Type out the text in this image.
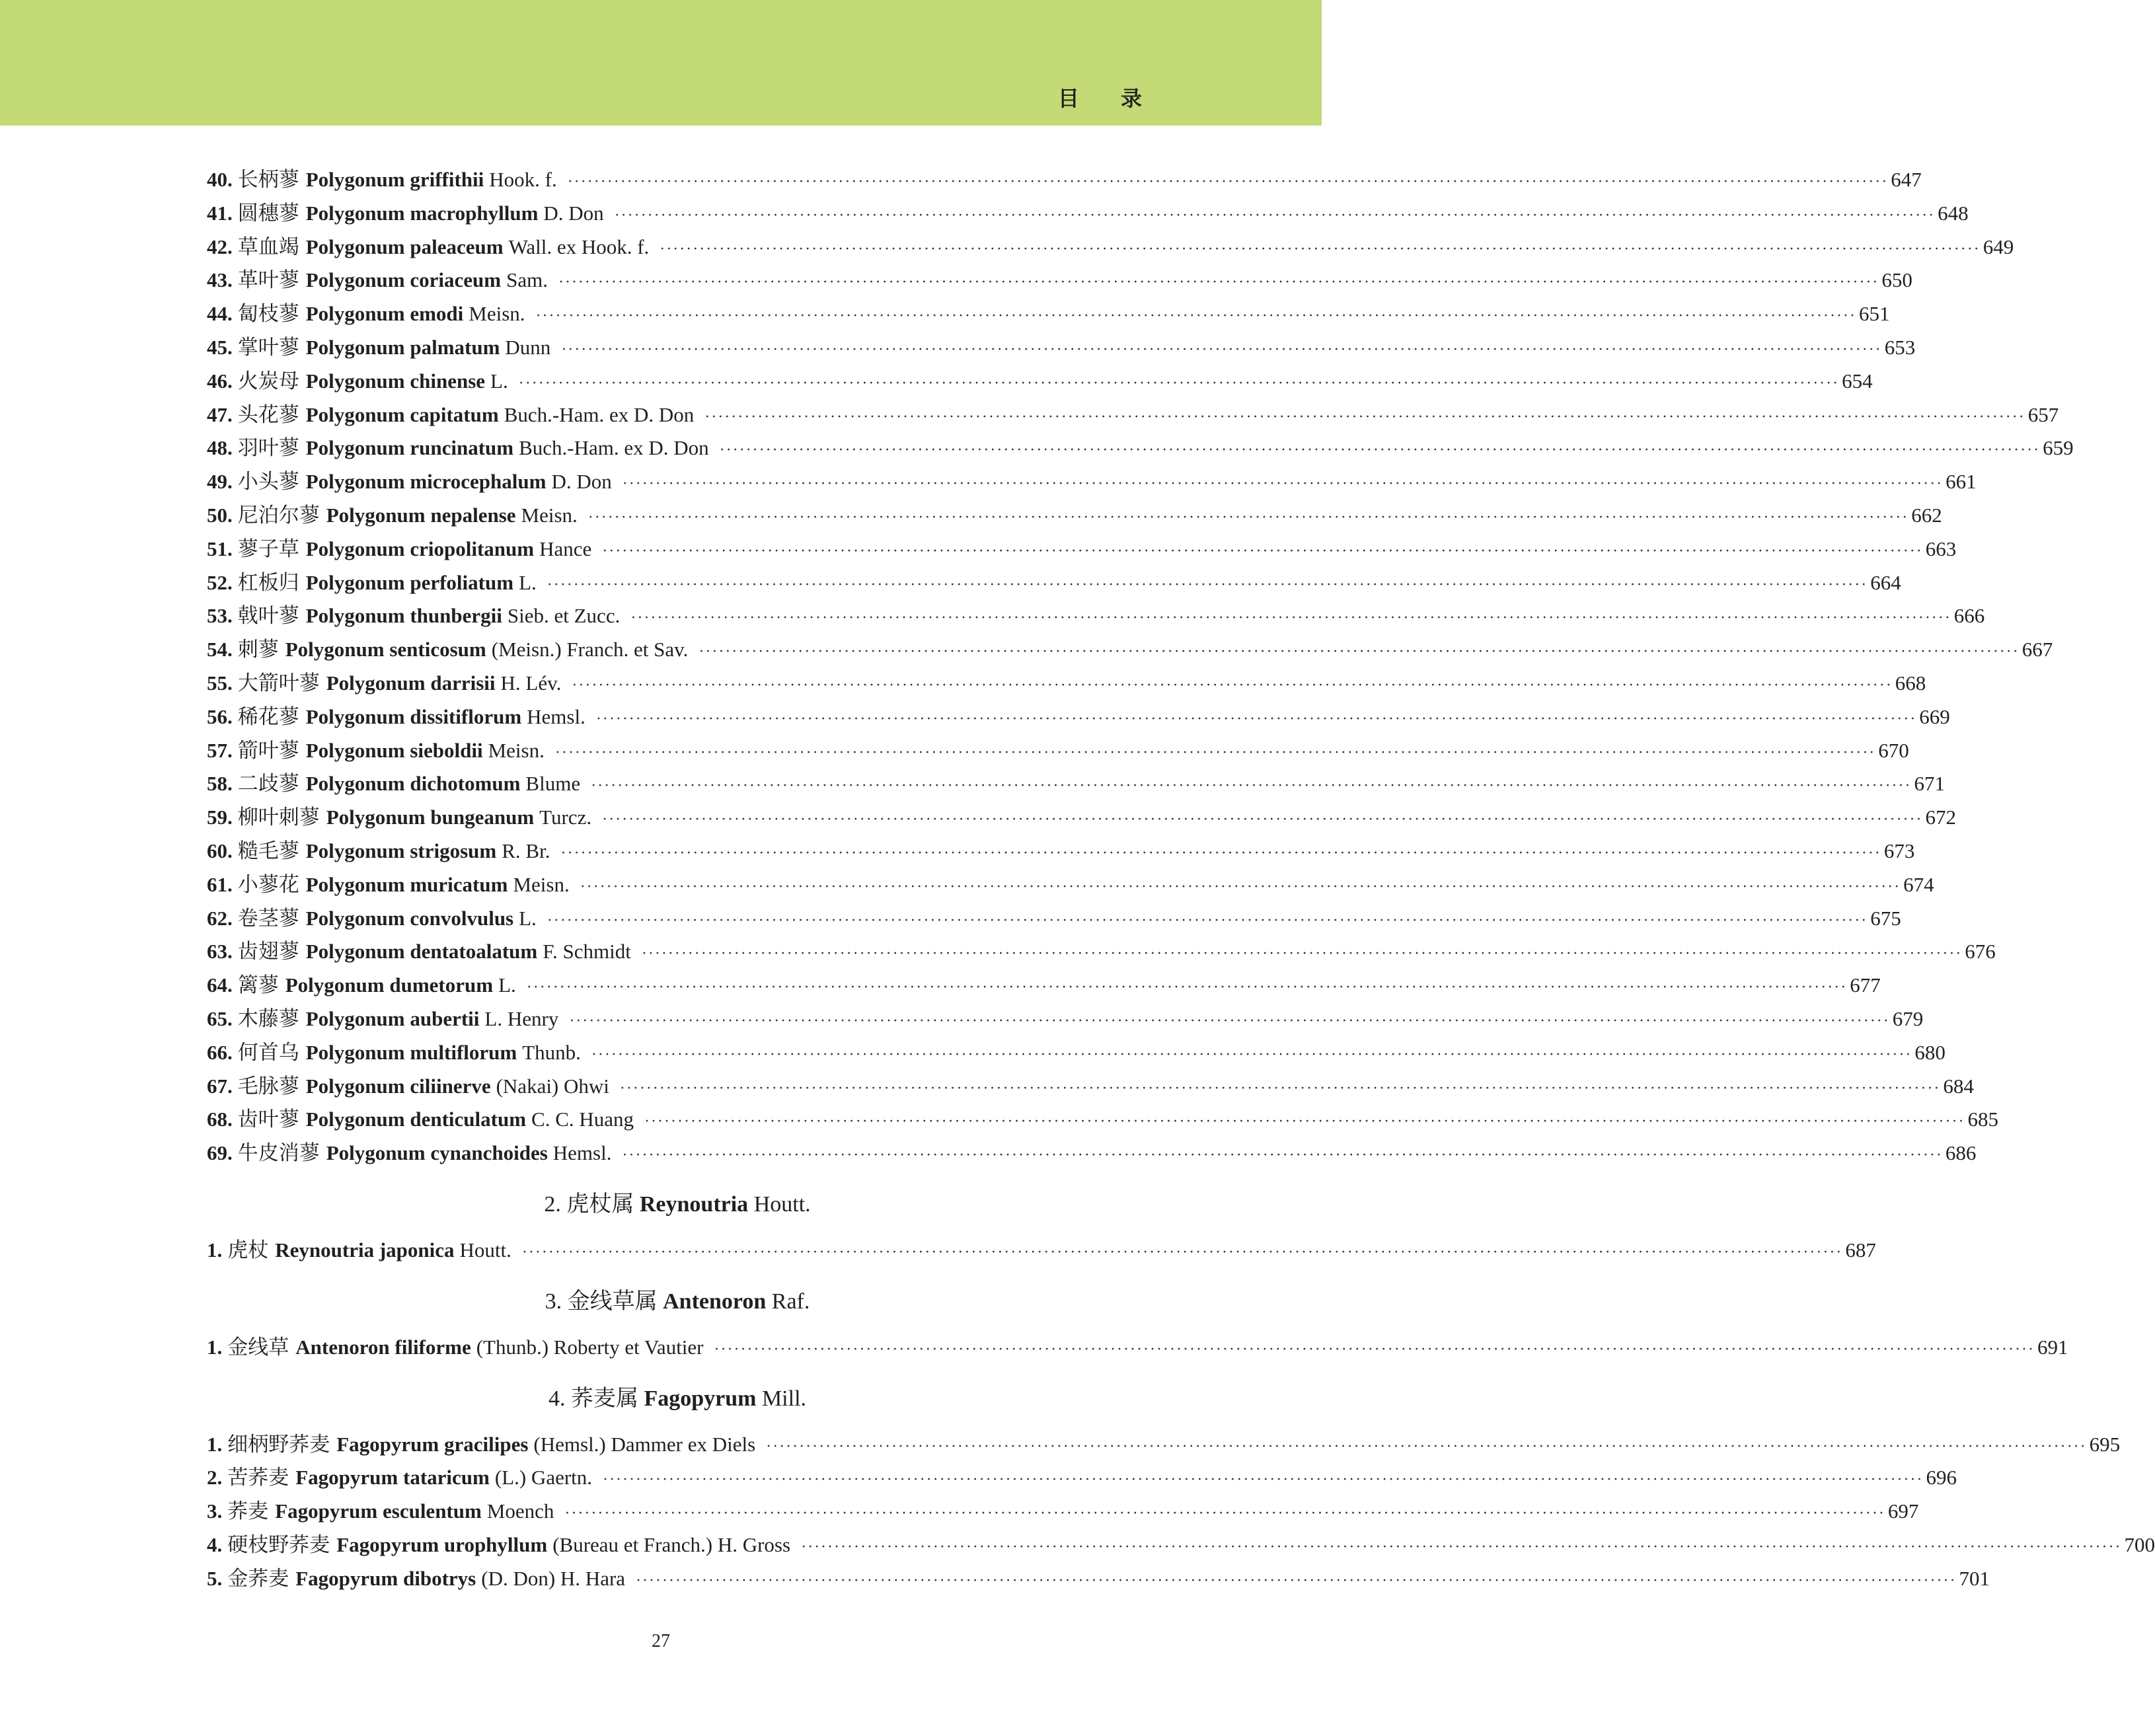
目 录
40. 长柄蓼 Polygonum griffithii Hook. f. ········································································································································································································ 647
41. 圆穗蓼 Polygonum macrophyllum D. Don ········································································································································································································ 648
42. 草血竭 Polygonum paleaceum Wall. ex Hook. f. ········································································································································································································ 649
43. 革叶蓼 Polygonum coriaceum Sam. ········································································································································································································ 650
44. 匐枝蓼 Polygonum emodi Meisn. ········································································································································································································ 651
45. 掌叶蓼 Polygonum palmatum Dunn ········································································································································································································ 653
46. 火炭母 Polygonum chinense L. ········································································································································································································ 654
47. 头花蓼 Polygonum capitatum Buch.-Ham. ex D. Don ········································································································································································································ 657
48. 羽叶蓼 Polygonum runcinatum Buch.-Ham. ex D. Don ········································································································································································································ 659
49. 小头蓼 Polygonum microcephalum D. Don ········································································································································································································ 661
50. 尼泊尔蓼 Polygonum nepalense Meisn. ········································································································································································································ 662
51. 蓼子草 Polygonum criopolitanum Hance ········································································································································································································ 663
52. 杠板归 Polygonum perfoliatum L. ········································································································································································································ 664
53. 戟叶蓼 Polygonum thunbergii Sieb. et Zucc. ········································································································································································································ 666
54. 刺蓼 Polygonum senticosum (Meisn.) Franch. et Sav. ········································································································································································································ 667
55. 大箭叶蓼 Polygonum darrisii H. Lév. ········································································································································································································ 668
56. 稀花蓼 Polygonum dissitiflorum Hemsl. ········································································································································································································ 669
57. 箭叶蓼 Polygonum sieboldii Meisn. ········································································································································································································ 670
58. 二歧蓼 Polygonum dichotomum Blume ········································································································································································································ 671
59. 柳叶刺蓼 Polygonum bungeanum Turcz. ········································································································································································································ 672
60. 糙毛蓼 Polygonum strigosum R. Br. ········································································································································································································ 673
61. 小蓼花 Polygonum muricatum Meisn. ········································································································································································································ 674
62. 卷茎蓼 Polygonum convolvulus L. ········································································································································································································ 675
63. 齿翅蓼 Polygonum dentatoalatum F. Schmidt ········································································································································································································ 676
64. 篱蓼 Polygonum dumetorum L. ········································································································································································································ 677
65. 木藤蓼 Polygonum aubertii L. Henry ········································································································································································································ 679
66. 何首乌 Polygonum multiflorum Thunb. ········································································································································································································ 680
67. 毛脉蓼 Polygonum ciliinerve (Nakai) Ohwi ········································································································································································································ 684
68. 齿叶蓼 Polygonum denticulatum C. C. Huang ········································································································································································································ 685
69. 牛皮消蓼 Polygonum cynanchoides Hemsl. ········································································································································································································ 686
2. 虎杖属 Reynoutria Houtt.
1. 虎杖 Reynoutria japonica Houtt. ········································································································································································································ 687
3. 金线草属 Antenoron Raf.
1. 金线草 Antenoron filiforme (Thunb.) Roberty et Vautier ········································································································································································································ 691
4. 荞麦属 Fagopyrum Mill.
1. 细柄野荞麦 Fagopyrum gracilipes (Hemsl.) Dammer ex Diels ········································································································································································································ 695
2. 苦荞麦 Fagopyrum tataricum (L.) Gaertn. ········································································································································································································ 696
3. 荞麦 Fagopyrum esculentum Moench ········································································································································································································ 697
4. 硬枝野荞麦 Fagopyrum urophyllum (Bureau et Franch.) H. Gross ········································································································································································································ 700
5. 金荞麦 Fagopyrum dibotrys (D. Don) H. Hara ········································································································································································································ 701
27
